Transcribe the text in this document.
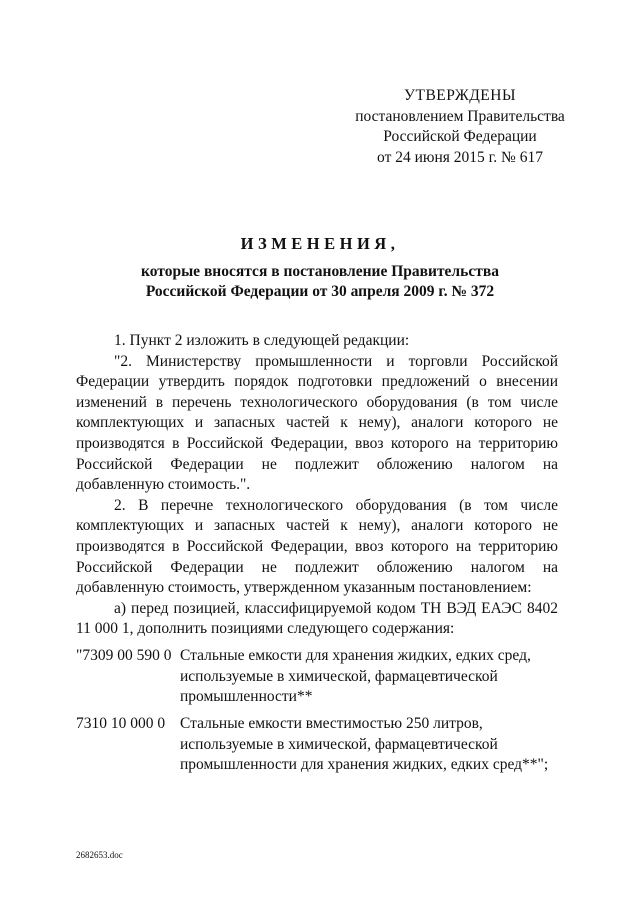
УТВЕРЖДЕНЫ
постановлением Правительства
Российской Федерации
от 24 июня 2015 г. № 617
ИЗМЕНЕНИЯ,
которые вносятся в постановление Правительства
Российской Федерации от 30 апреля 2009 г. № 372

1. Пункт 2 изложить в следующей редакции:

"2. Министерству промышленности и торговли Российской Федерации утвердить порядок подготовки предложений о внесении изменений в перечень технологического оборудования (в том числе комплектующих и запасных частей к нему), аналоги которого не производятся в Российской Федерации, ввоз которого на территорию Российской Федерации не подлежит обложению налогом на добавленную стоимость.".

2. В перечне технологического оборудования (в том числе комплектующих и запасных частей к нему), аналоги которого не производятся в Российской Федерации, ввоз которого на территорию Российской Федерации не подлежит обложению налогом на добавленную стоимость, утвержденном указанным постановлением:

а) перед позицией, классифицируемой кодом ТН ВЭД ЕАЭС 8402 11 000 1, дополнить позициями следующего содержания:

"7309 00 590 0 Стальные емкости для хранения жидких, едких сред,
используемые в химической, фармацевтической
промышленности**
7310 10 000 0 Стальные емкости вместимостью 250 литров,
используемые в химической, фармацевтической
промышленности для хранения жидких, едких сред**";
2682653.doc
